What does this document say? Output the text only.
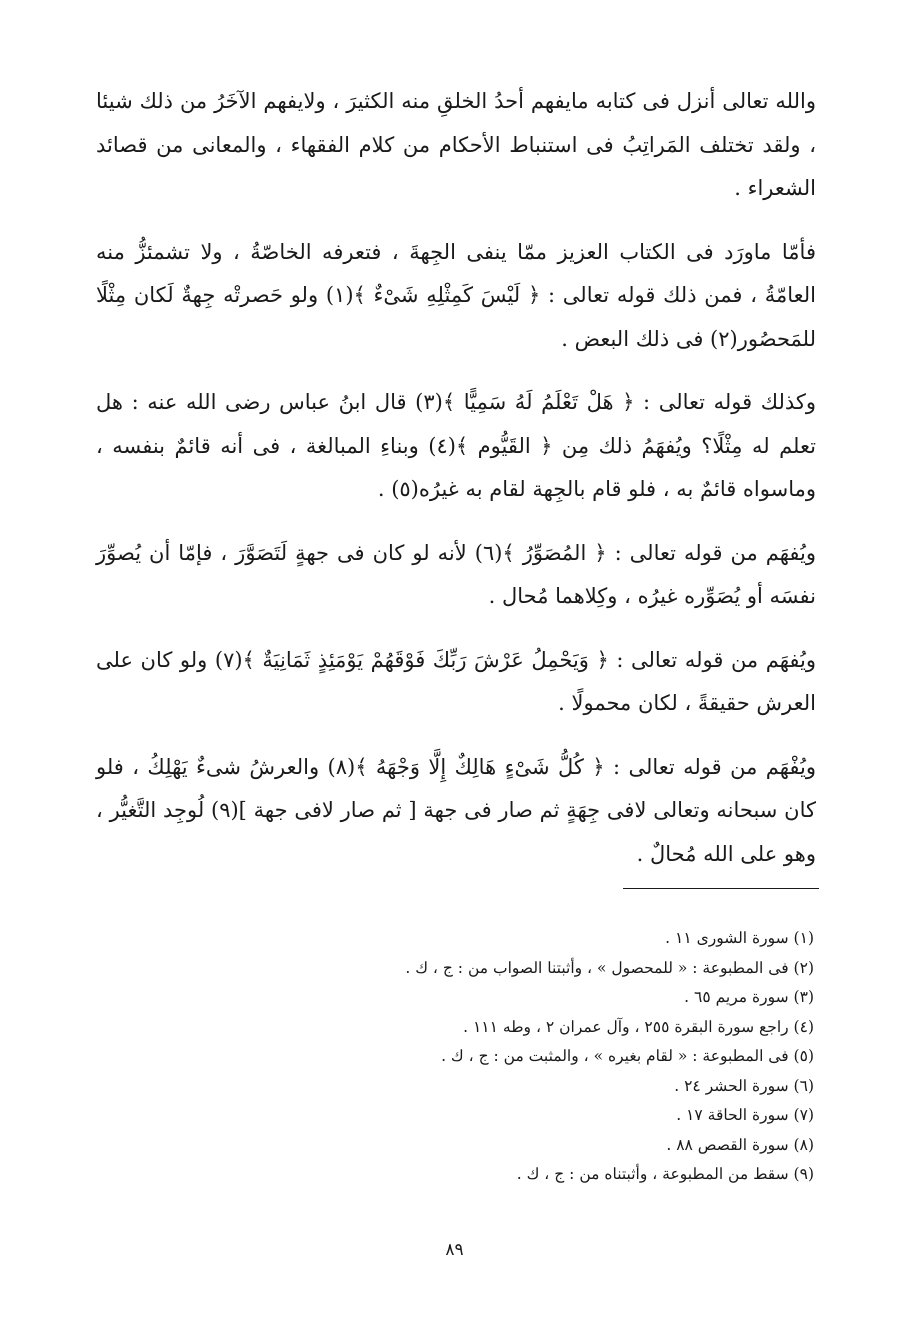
والله تعالى أنزل فى كتابه مايفهم أحدُ الخلقِ منه الكثيرَ ، ولايفهم الآخَرُ من ذلك شيئا ، ولقد تختلف المَراتِبُ فى استنباط الأحكام من كلام الفقهاء ، والمعانى من قصائد الشعراء .

فأمّا ماورَد فى الكتاب العزيز ممّا ينفى الجِهةَ ، فتعرفه الخاصّةُ ، ولا تشمئزُّ منه العامّةُ ، فمن ذلك قوله تعالى : ﴿ لَيْسَ كَمِثْلِهِ شَىْءٌ ﴾(١) ولو حَصرتْه جِهةٌ لَكان مِثْلًا للمَحصُور(٢) فى ذلك البعض .

وكذلك قوله تعالى : ﴿ هَلْ تَعْلَمُ لَهُ سَمِيًّا ﴾(٣) قال ابنُ عباس رضى الله عنه : هل تعلم له مِثْلًا؟ ويُفهَمُ ذلك مِن ﴿ القَيُّوم ﴾(٤) وبناءِ المبالغة ، فى أنه قائمٌ بنفسه ، وماسواه قائمٌ به ، فلو قام بالجِهة لقام به غيرُه(٥) .

ويُفهَم من قوله تعالى : ﴿ المُصَوِّرُ ﴾(٦) لأنه لو كان فى جهةٍ لَتَصَوَّرَ ، فإمّا أن يُصوِّرَ نفسَه أو يُصَوِّره غيرُه ، وكِلاهما مُحال .

ويُفهَم من قوله تعالى : ﴿ وَيَحْمِلُ عَرْشَ رَبِّكَ فَوْقَهُمْ يَوْمَئِذٍ ثَمَانِيَةٌ ﴾(٧) ولو كان على العرش حقيقةً ، لكان محمولًا .

ويُفْهَم من قوله تعالى : ﴿ كُلُّ شَىْءٍ هَالِكٌ إِلَّا وَجْهَهُ ﴾(٨) والعرشُ شىءٌ يَهْلِكُ ، فلو كان سبحانه وتعالى لافى جِهَةٍ ثم صار فى جهة [ ثم صار لافى جهة ](٩) لُوجِد التَّغيُّر ، وهو على الله مُحالٌ .

(١) سورة الشورى ١١ .
(٢) فى المطبوعة : « للمحصول » ، وأثبتنا الصواب من : ج ، ك .
(٣) سورة مريم ٦٥ .
(٤) راجع سورة البقرة ٢٥٥ ، وآل عمران ٢ ، وطه ١١١ .
(٥) فى المطبوعة : « لقام بغيره » ، والمثبت من : ج ، ك .
(٦) سورة الحشر ٢٤ .
(٧) سورة الحاقة ١٧ .
(٨) سورة القصص ٨٨ .
(٩) سقط من المطبوعة ، وأثبتناه من : ج ، ك .
٨٩
